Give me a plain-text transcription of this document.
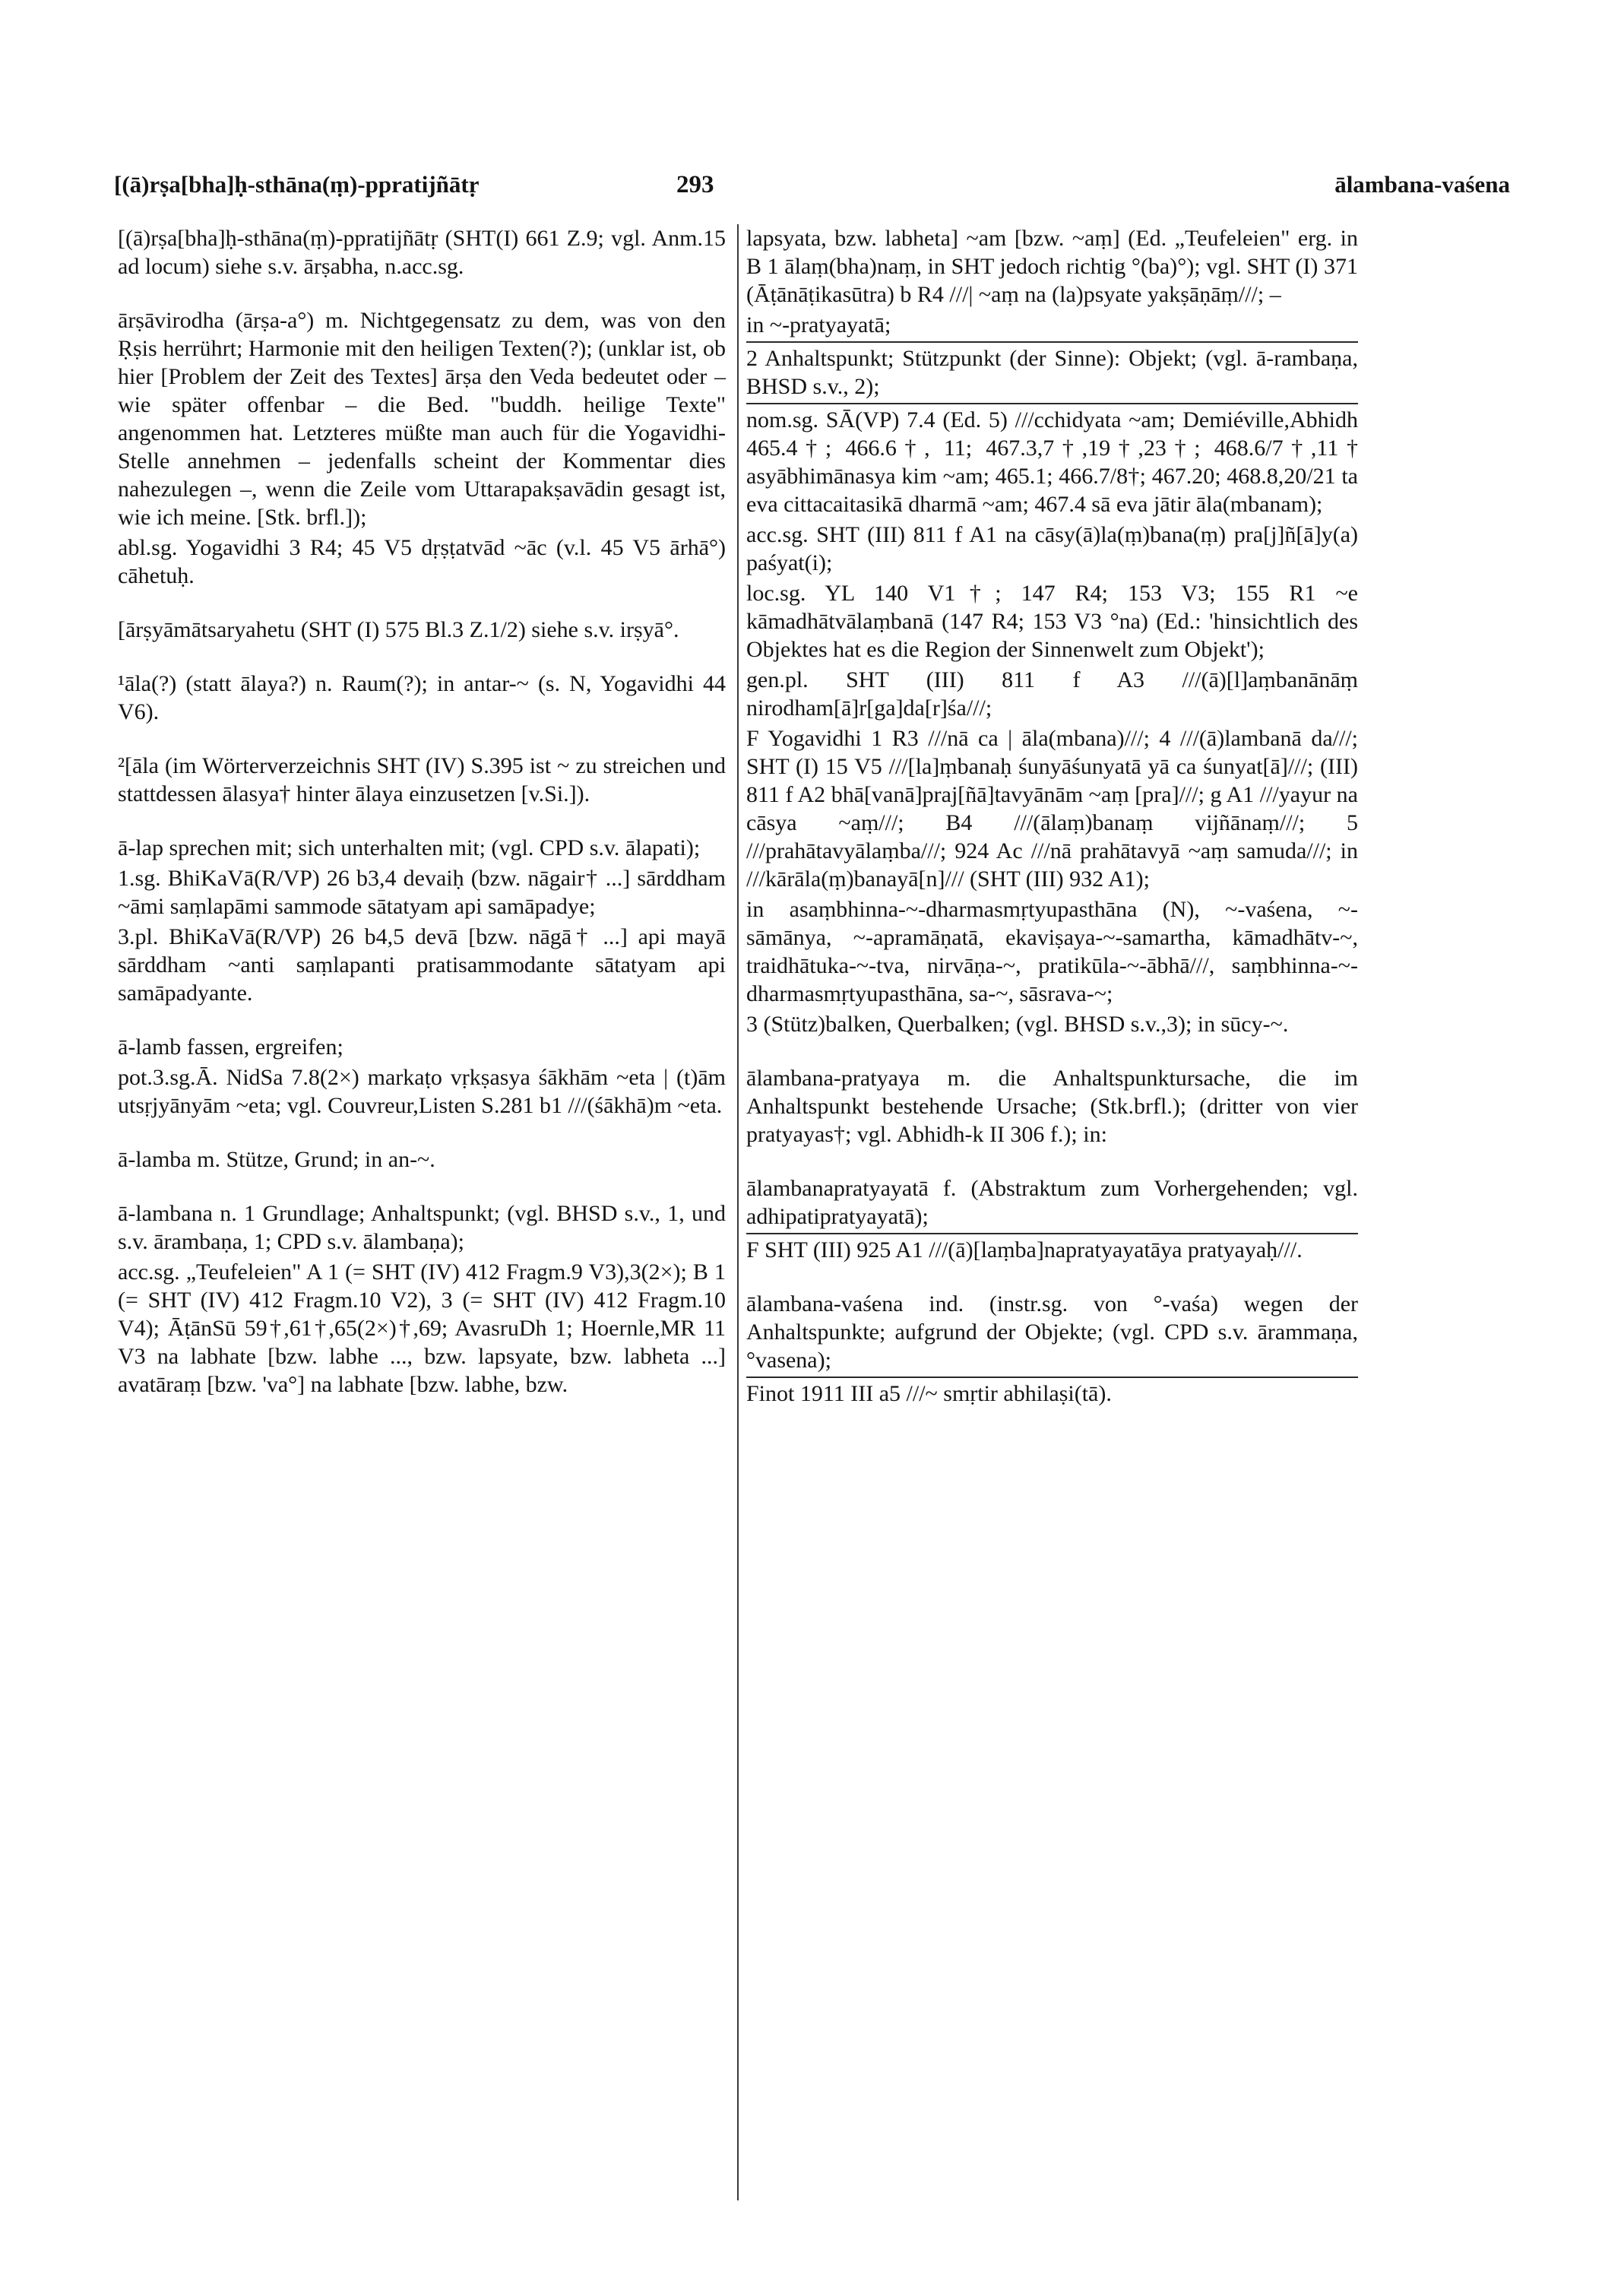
[(ā)rṣa[bha]ḥ-sthāna(ṃ)-ppratijñātṛ	293	ālambana-vaśena

[(ā)rṣa[bha]ḥ-sthāna(ṃ)-ppratijñātṛ (SHT(I) 661 Z.9; vgl. Anm.15 ad locum) siehe s.v. ārṣabha, n.acc.sg.

ārṣāvirodha (ārṣa-a°) m. Nichtgegensatz zu dem, was von den Ṛṣis herrührt; Harmonie mit den heiligen Texten(?); (unklar ist, ob hier [Problem der Zeit des Textes] ārṣa den Veda bedeutet oder – wie später offenbar – die Bed. "buddh. heilige Texte" angenommen hat. Letzteres müßte man auch für die Yogavidhi-Stelle annehmen – jedenfalls scheint der Kommentar dies nahezulegen –, wenn die Zeile vom Uttarapakṣavādin gesagt ist, wie ich meine. [Stk. brfl.]);

abl.sg. Yogavidhi 3 R4; 45 V5 dṛṣṭatvād ~āc (v.l. 45 V5 ārhā°) cāhetuḥ.

[ārṣyāmātsaryahetu (SHT (I) 575 Bl.3 Z.1/2) siehe s.v. irṣyā°.

¹āla(?) (statt ālaya?) n. Raum(?); in antar-~ (s. N, Yogavidhi 44 V6).

²[āla (im Wörterverzeichnis SHT (IV) S.395 ist ~ zu streichen und stattdessen ālasya† hinter ālaya einzusetzen [v.Si.]).

ā-lap sprechen mit; sich unterhalten mit; (vgl. CPD s.v. ālapati);

1.sg. BhiKaVā(R/VP) 26 b3,4 devaiḥ (bzw. nāgair† ...] sārddham ~āmi saṃlapāmi sammode sātatyam api samāpadye;

3.pl. BhiKaVā(R/VP) 26 b4,5 devā [bzw. nāgā† ...] api mayā sārddham ~anti saṃlapanti pratisammodante sātatyam api samāpadyante.

ā-lamb fassen, ergreifen;

pot.3.sg.Ā. NidSa 7.8(2×) markaṭo vṛkṣasya śākhām ~eta | (t)ām utsṛjyānyām ~eta; vgl. Couvreur,Listen S.281 b1 ///(śākhā)m ~eta.

ā-lamba m. Stütze, Grund; in an-~.

ā-lambana n. 1 Grundlage; Anhaltspunkt; (vgl. BHSD s.v., 1, und s.v. ārambaṇa, 1; CPD s.v. ālambaṇa);

acc.sg. „Teufeleien" A 1 (= SHT (IV) 412 Fragm.9 V3),3(2×); B 1 (= SHT (IV) 412 Fragm.10 V2), 3 (= SHT (IV) 412 Fragm.10 V4); ĀṭānSū 59†,61†,65(2×)†,69; AvasruDh 1; Hoernle,MR 11 V3 na labhate [bzw. labhe ..., bzw. lapsyate, bzw. labheta ...] avatāraṃ [bzw. 'va°] na labhate [bzw. labhe, bzw.

lapsyata, bzw. labheta] ~am [bzw. ~aṃ] (Ed. „Teufeleien" erg. in B 1 ālaṃ(bha)naṃ, in SHT jedoch richtig °(ba)°); vgl. SHT (I) 371 (Āṭānāṭikasūtra) b R4 ///| ~aṃ na (la)psyate yakṣāṇāṃ///; –

in ~-pratyayatā;

2 Anhaltspunkt; Stützpunkt (der Sinne): Objekt; (vgl. ā-rambaṇa, BHSD s.v., 2);

nom.sg. SĀ(VP) 7.4 (Ed. 5) ///cchidyata ~am; Demiéville,Abhidh 465.4†; 466.6†, 11; 467.3,7†,19†,23†; 468.6/7†,11† asyābhimānasya kim ~am; 465.1; 466.7/8†; 467.20; 468.8,20/21 ta eva cittacaitasikā dharmā ~am; 467.4 sā eva jātir āla(mbanam);

acc.sg. SHT (III) 811 f A1 na cāsy(ā)la(ṃ)bana(ṃ) pra[j]ñ[ā]y(a) paśyat(i);

loc.sg. YL 140 V1†; 147 R4; 153 V3; 155 R1 ~e kāmadhātvālaṃbanā (147 R4; 153 V3 °na) (Ed.: 'hinsichtlich des Objektes hat es die Region der Sinnenwelt zum Objekt');

gen.pl. SHT (III) 811 f A3 ///(ā)[l]aṃbanānāṃ nirodham[ā]r[ga]da[r]śa///;

F Yogavidhi 1 R3 ///nā ca | āla(mbana)///; 4 ///(ā)lambanā da///; SHT (I) 15 V5 ///[la]ṃbanaḥ śunyāśunyatā yā ca śunyat[ā]///; (III) 811 f A2 bhā[vanā]praj[ñā]tavyānām ~aṃ [pra]///; g A1 ///yayur na cāsya ~aṃ///; B4 ///(ālaṃ)banaṃ vijñānaṃ///; 5 ///prahātavyālaṃba///; 924 Ac ///nā prahātavyā ~aṃ samuda///; in ///kārāla(ṃ)banayā[n]/// (SHT (III) 932 A1);

in asaṃbhinna-~-dharmasmṛtyupasthāna (N), ~-vaśena, ~-sāmānya, ~-apramāṇatā, ekaviṣaya-~-samartha, kāmadhātv-~, traidhātuka-~-tva, nirvāṇa-~, pratikūla-~-ābhā///, saṃbhinna-~-dharmasmṛtyupasthāna, sa-~, sāsrava-~;

3 (Stütz)balken, Querbalken; (vgl. BHSD s.v.,3); in sūcy-~.

ālambana-pratyaya m. die Anhaltspunktursache, die im Anhaltspunkt bestehende Ursache; (Stk.brfl.); (dritter von vier pratyayas†; vgl. Abhidh-k II 306 f.); in:

ālambanapratyayatā f. (Abstraktum zum Vorhergehenden; vgl. adhipatipratyayatā);

F SHT (III) 925 A1 ///(ā)[laṃba]napratyayatāya pratyayaḥ///.

ālambana-vaśena ind. (instr.sg. von °-vaśa) wegen der Anhaltspunkte; aufgrund der Objekte; (vgl. CPD s.v. ārammaṇa, °vasena);

Finot 1911 III a5 ///~ smṛtir abhilaṣi(tā).
